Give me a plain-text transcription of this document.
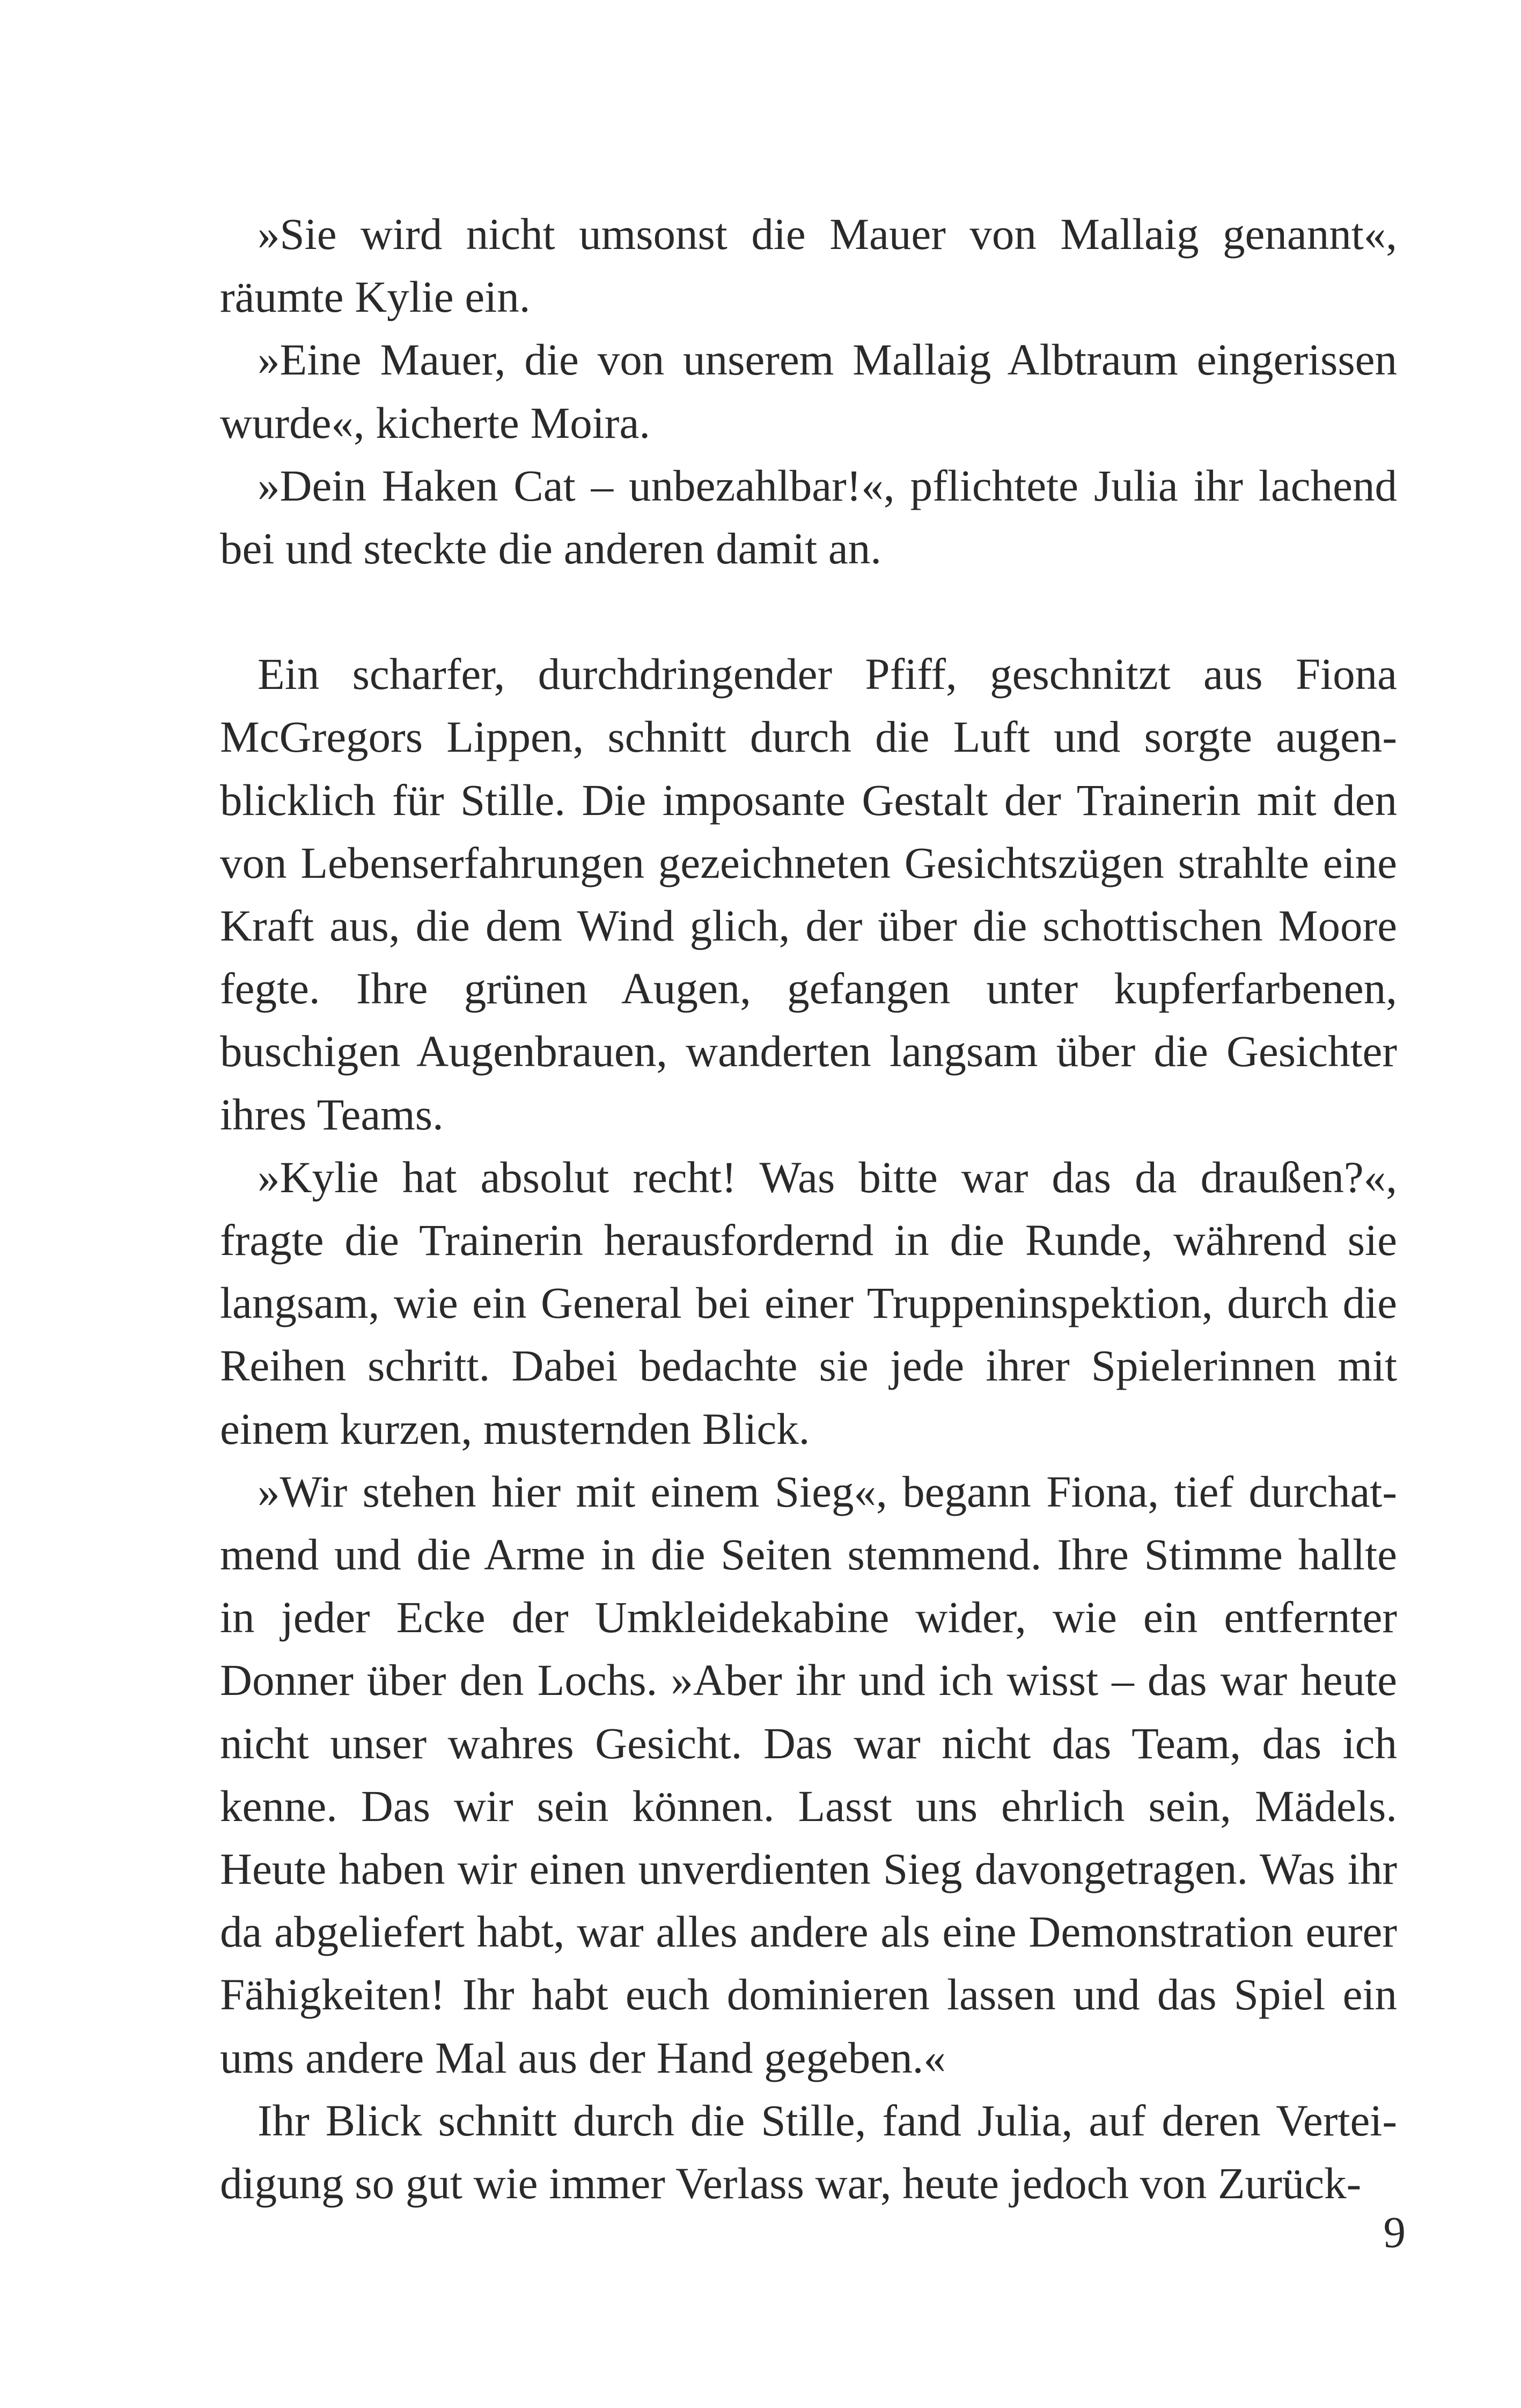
»Sie wird nicht umsonst die Mauer von Mallaig genannt«, räumte Kylie ein.

»Eine Mauer, die von unserem Mallaig Albtraum eingerissen wurde«, kicherte Moira.

»Dein Haken Cat – unbezahlbar!«, pflichtete Julia ihr lachend bei und steckte die anderen damit an.

Ein scharfer, durchdringender Pfiff, geschnitzt aus Fiona McGregors Lippen, schnitt durch die Luft und sorgte augenblicklich für Stille. Die imposante Gestalt der Trainerin mit den von Lebenserfahrungen gezeichneten Gesichtszügen strahlte eine Kraft aus, die dem Wind glich, der über die schottischen Moore fegte. Ihre grünen Augen, gefangen unter kupferfarbenen, buschigen Augenbrauen, wanderten langsam über die Gesichter ihres Teams.

»Kylie hat absolut recht! Was bitte war das da draußen?«, fragte die Trainerin herausfordernd in die Runde, während sie langsam, wie ein General bei einer Truppeninspektion, durch die Reihen schritt. Dabei bedachte sie jede ihrer Spielerinnen mit einem kurzen, musternden Blick.

»Wir stehen hier mit einem Sieg«, begann Fiona, tief durchatmend und die Arme in die Seiten stemmend. Ihre Stimme hallte in jeder Ecke der Umkleidekabine wider, wie ein entfernter Donner über den Lochs. »Aber ihr und ich wisst – das war heute nicht unser wahres Gesicht. Das war nicht das Team, das ich kenne. Das wir sein können. Lasst uns ehrlich sein, Mädels. Heute haben wir einen unverdienten Sieg davongetragen. Was ihr da abgeliefert habt, war alles andere als eine Demonstration eurer Fähigkeiten! Ihr habt euch dominieren lassen und das Spiel ein ums andere Mal aus der Hand gegeben.«

Ihr Blick schnitt durch die Stille, fand Julia, auf deren Verteidigung so gut wie immer Verlass war, heute jedoch von Zurück-

9
